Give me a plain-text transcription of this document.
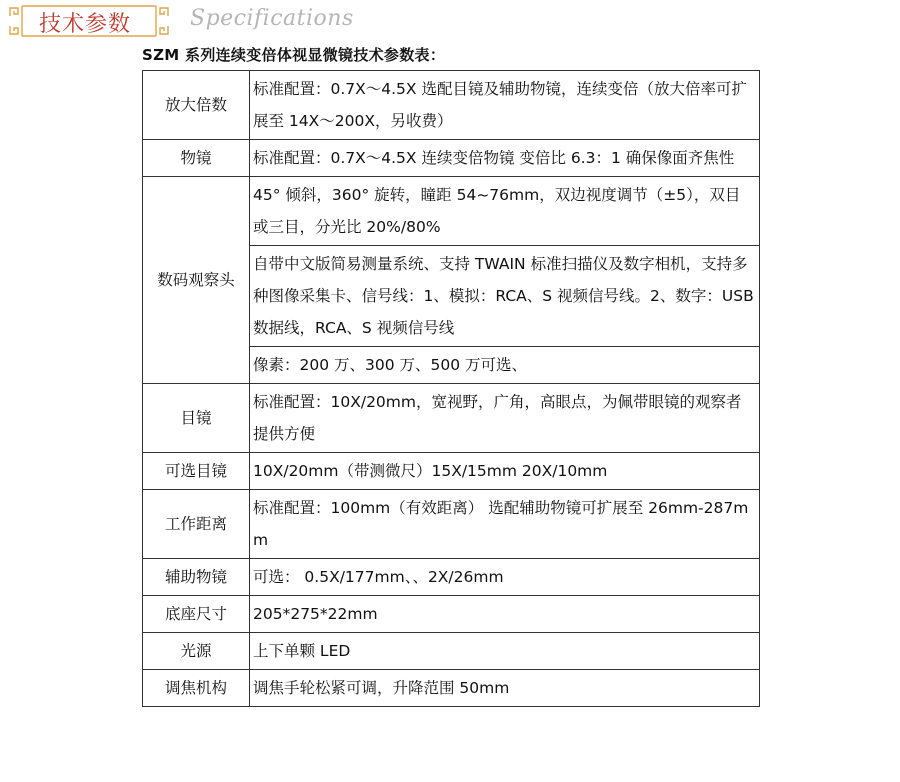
技术参数	Specifications
SZM 系列连续变倍体视显微镜技术参数表：
放大倍数	标准配置：0.7X～4.5X 选配目镜及辅助物镜，连续变倍（放大倍率可扩展至 14X～200X，另收费）
物镜	标准配置：0.7X～4.5X 连续变倍物镜 变倍比 6.3：1 确保像面齐焦性
数码观察头	45° 倾斜，360° 旋转，瞳距 54~76mm，双边视度调节（±5），双目或三目，分光比 20%/80%
	自带中文版简易测量系统、支持 TWAIN 标准扫描仪及数字相机，支持多种图像采集卡、信号线：1、模拟：RCA、S 视频信号线。2、数字：USB 数据线，RCA、S 视频信号线
	像素：200 万、300 万、500 万可选、
目镜	标准配置：10X/20mm，宽视野，广角，高眼点，为佩带眼镜的观察者提供方便
可选目镜	10X/20mm（带测微尺）15X/15mm 20X/10mm
工作距离	标准配置：100mm（有效距离） 选配辅助物镜可扩展至 26mm-287mm
辅助物镜	可选： 0.5X/177mm、、2X/26mm
底座尺寸	205*275*22mm
光源	上下单颗 LED
调焦机构	调焦手轮松紧可调，升降范围 50mm
